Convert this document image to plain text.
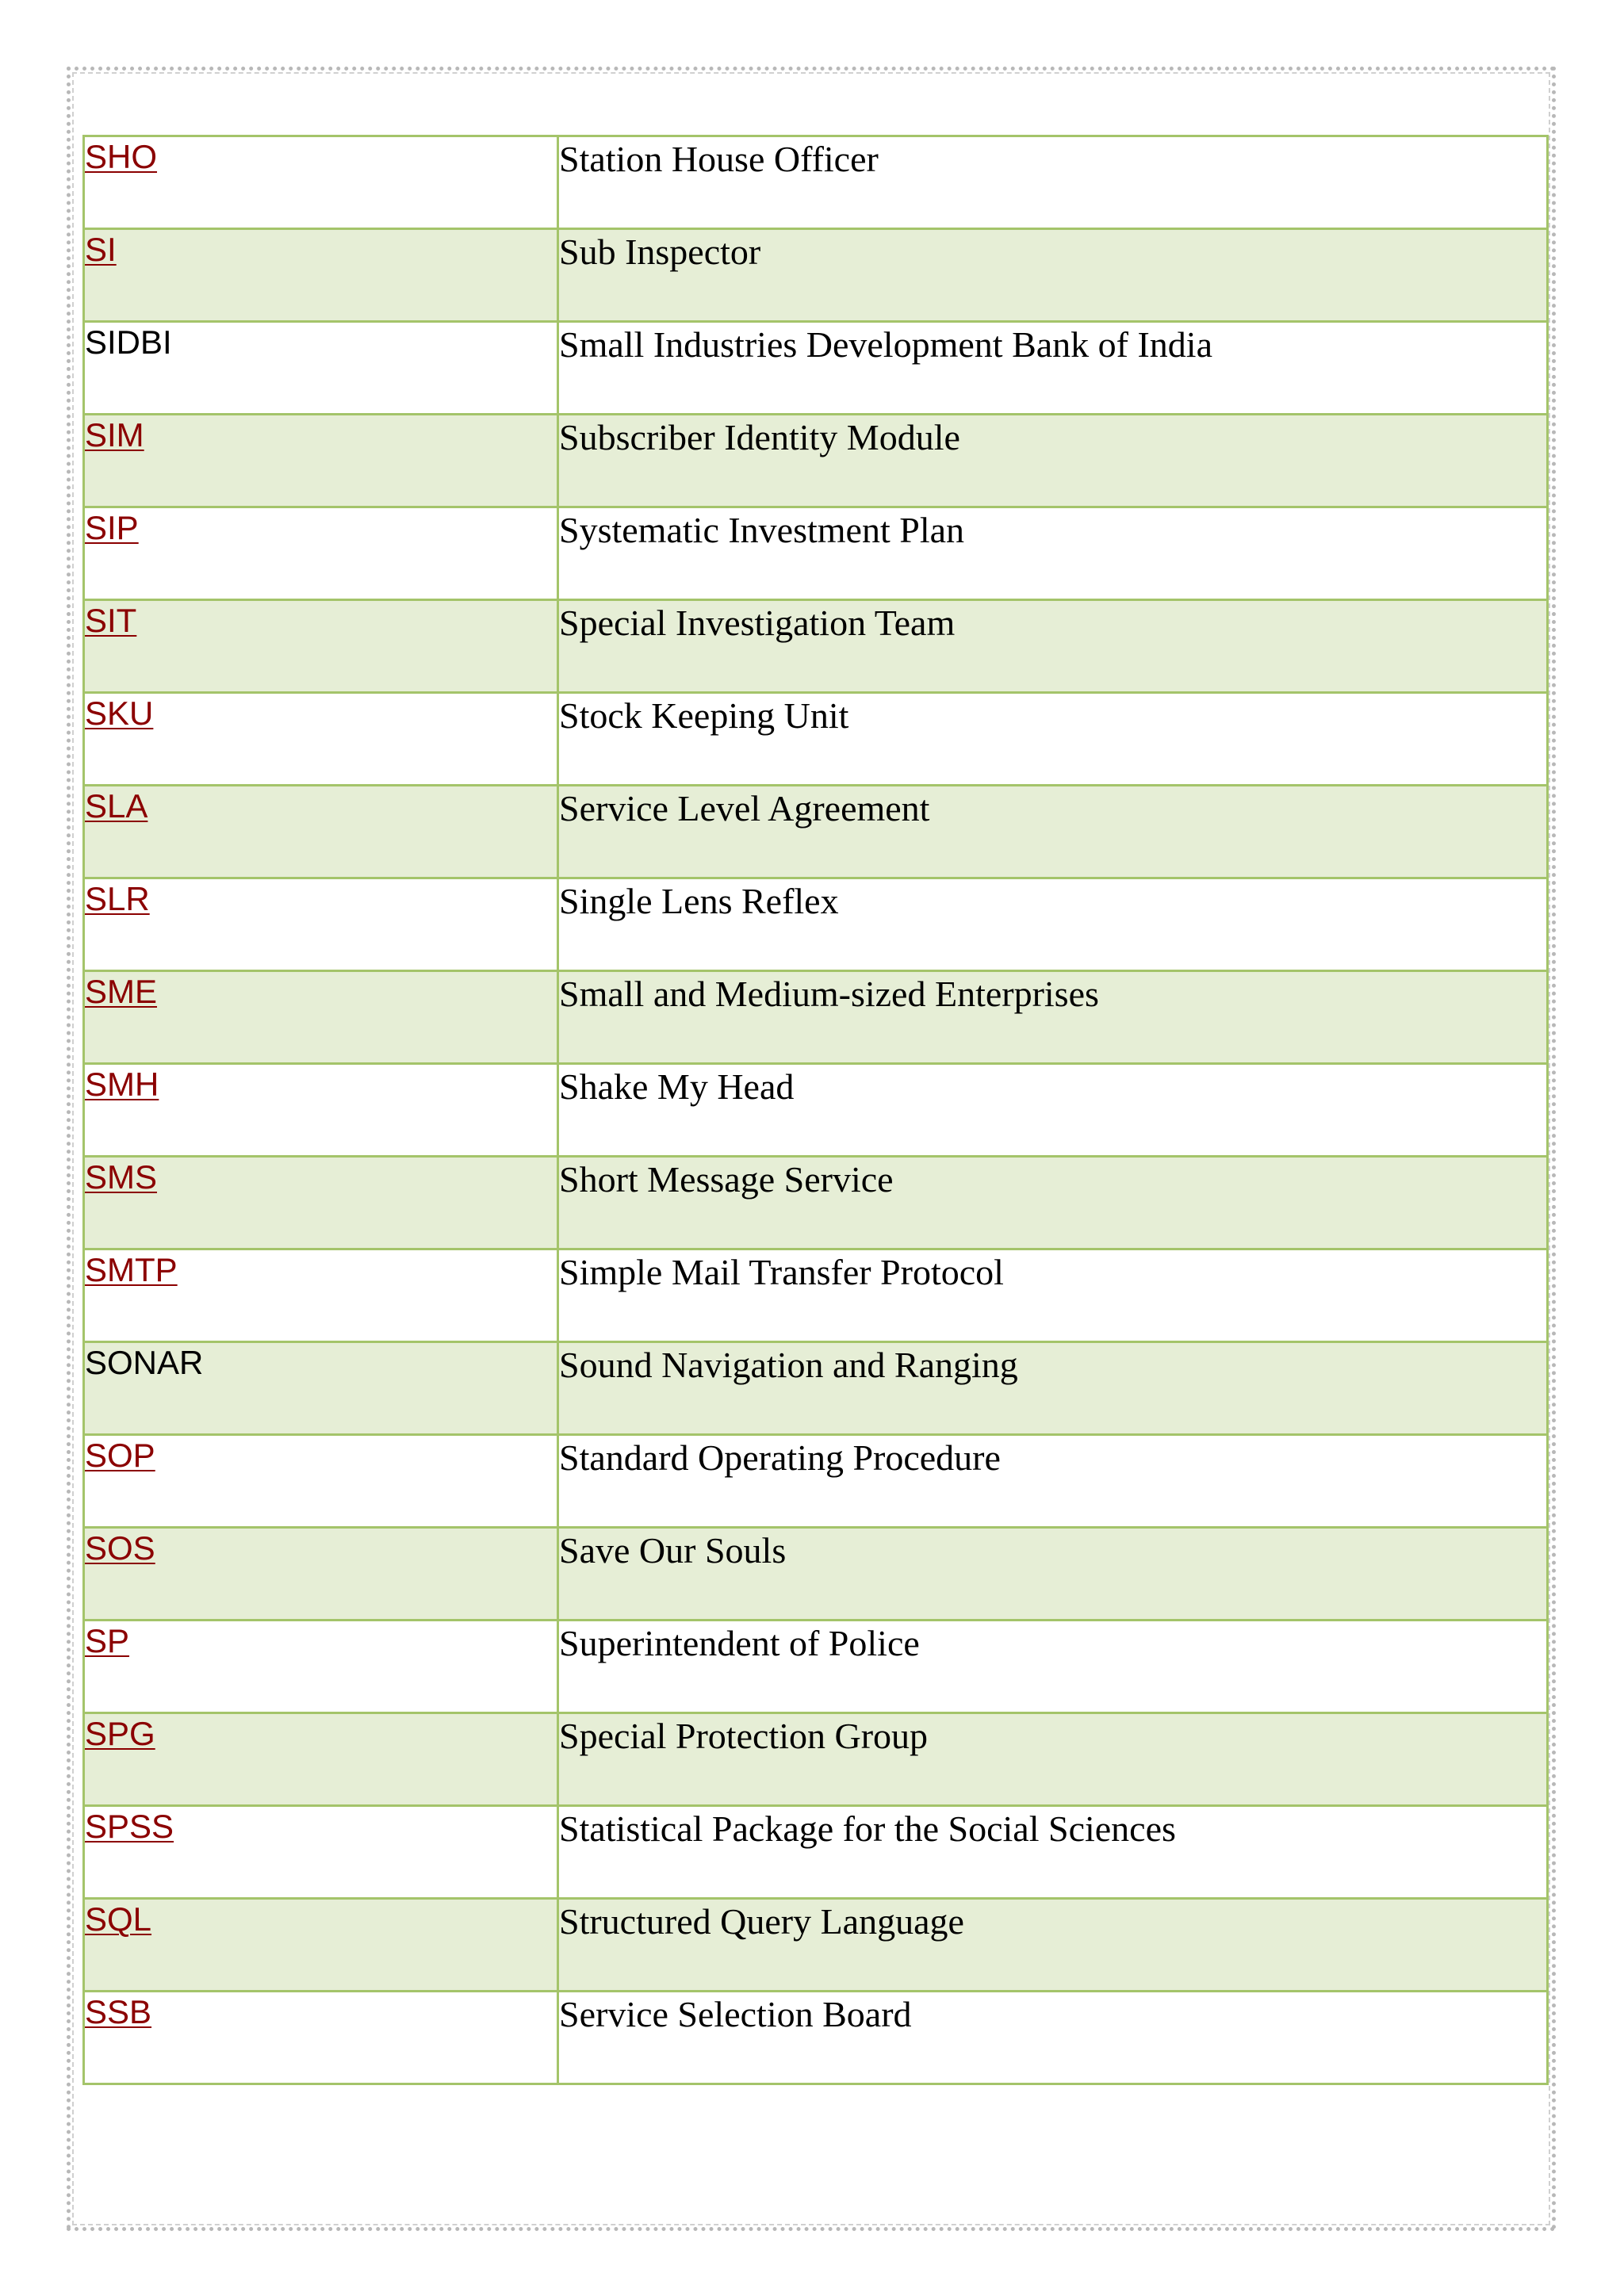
SHO	Station House Officer
SI	Sub Inspector
SIDBI	Small Industries Development Bank of India
SIM	Subscriber Identity Module
SIP	Systematic Investment Plan
SIT	Special Investigation Team
SKU	Stock Keeping Unit
SLA	Service Level Agreement
SLR	Single Lens Reflex
SME	Small and Medium-sized Enterprises
SMH	Shake My Head
SMS	Short Message Service
SMTP	Simple Mail Transfer Protocol
SONAR	Sound Navigation and Ranging
SOP	Standard Operating Procedure
SOS	Save Our Souls
SP	Superintendent of Police
SPG	Special Protection Group
SPSS	Statistical Package for the Social Sciences
SQL	Structured Query Language
SSB	Service Selection Board
